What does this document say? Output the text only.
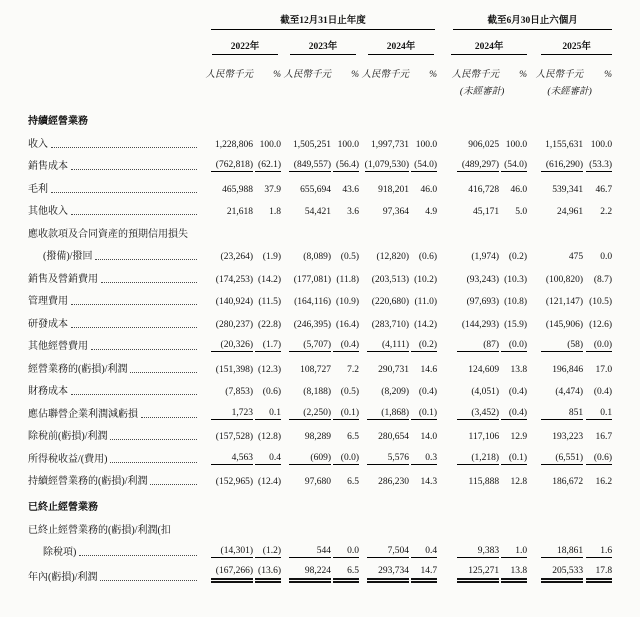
	截至12月31日止年度						截至6月30日止六個月			

	2022年		2023年		2024年		2024年		2025年	

	人民幣千元	%	人民幣千元	%	人民幣千元	%	人民幣千元	%	人民幣千元	%
							(未經審計)		(未經審計)	

持續經營業務										

收入	1,228,806	100.0	1,505,251	100.0	1,997,731	100.0	906,025	100.0	1,155,631	100.0

銷售成本	(762,818)	(62.1)	(849,557)	(56.4)	(1,079,530)	(54.0)	(489,297)	(54.0)	(616,290)	(53.3)

毛利	465,988	37.9	655,694	43.6	918,201	46.0	416,728	46.0	539,341	46.7

其他收入	21,618	1.8	54,421	3.6	97,364	4.9	45,171	5.0	24,961	2.2

應收款項及合同資產的預期信用損失										

(撥備)/撥回	(23,264)	(1.9)	(8,089)	(0.5)	(12,820)	(0.6)	(1,974)	(0.2)	475	0.0

銷售及營銷費用	(174,253)	(14.2)	(177,081)	(11.8)	(203,513)	(10.2)	(93,243)	(10.3)	(100,820)	(8.7)

管理費用	(140,924)	(11.5)	(164,116)	(10.9)	(220,680)	(11.0)	(97,693)	(10.8)	(121,147)	(10.5)

研發成本	(280,237)	(22.8)	(246,395)	(16.4)	(283,710)	(14.2)	(144,293)	(15.9)	(145,906)	(12.6)

其他經營費用	(20,326)	(1.7)	(5,707)	(0.4)	(4,111)	(0.2)	(87)	(0.0)	(58)	(0.0)

經營業務的(虧損)/利潤	(151,398)	(12.3)	108,727	7.2	290,731	14.6	124,609	13.8	196,846	17.0

財務成本	(7,853)	(0.6)	(8,188)	(0.5)	(8,209)	(0.4)	(4,051)	(0.4)	(4,474)	(0.4)

應佔聯營企業利潤減虧損	1,723	0.1	(2,250)	(0.1)	(1,868)	(0.1)	(3,452)	(0.4)	851	0.1

除稅前(虧損)/利潤	(157,528)	(12.8)	98,289	6.5	280,654	14.0	117,106	12.9	193,223	16.7

所得稅收益/(費用)	4,563	0.4	(609)	(0.0)	5,576	0.3	(1,218)	(0.1)	(6,551)	(0.6)

持續經營業務的(虧損)/利潤	(152,965)	(12.4)	97,680	6.5	286,230	14.3	115,888	12.8	186,672	16.2

已終止經營業務										

已終止經營業務的(虧損)/利潤(扣										

除稅項)	(14,301)	(1.2)	544	0.0	7,504	0.4	9,383	1.0	18,861	1.6

年內(虧損)/利潤	(167,266)	(13.6)	98,224	6.5	293,734	14.7	125,271	13.8	205,533	17.8
